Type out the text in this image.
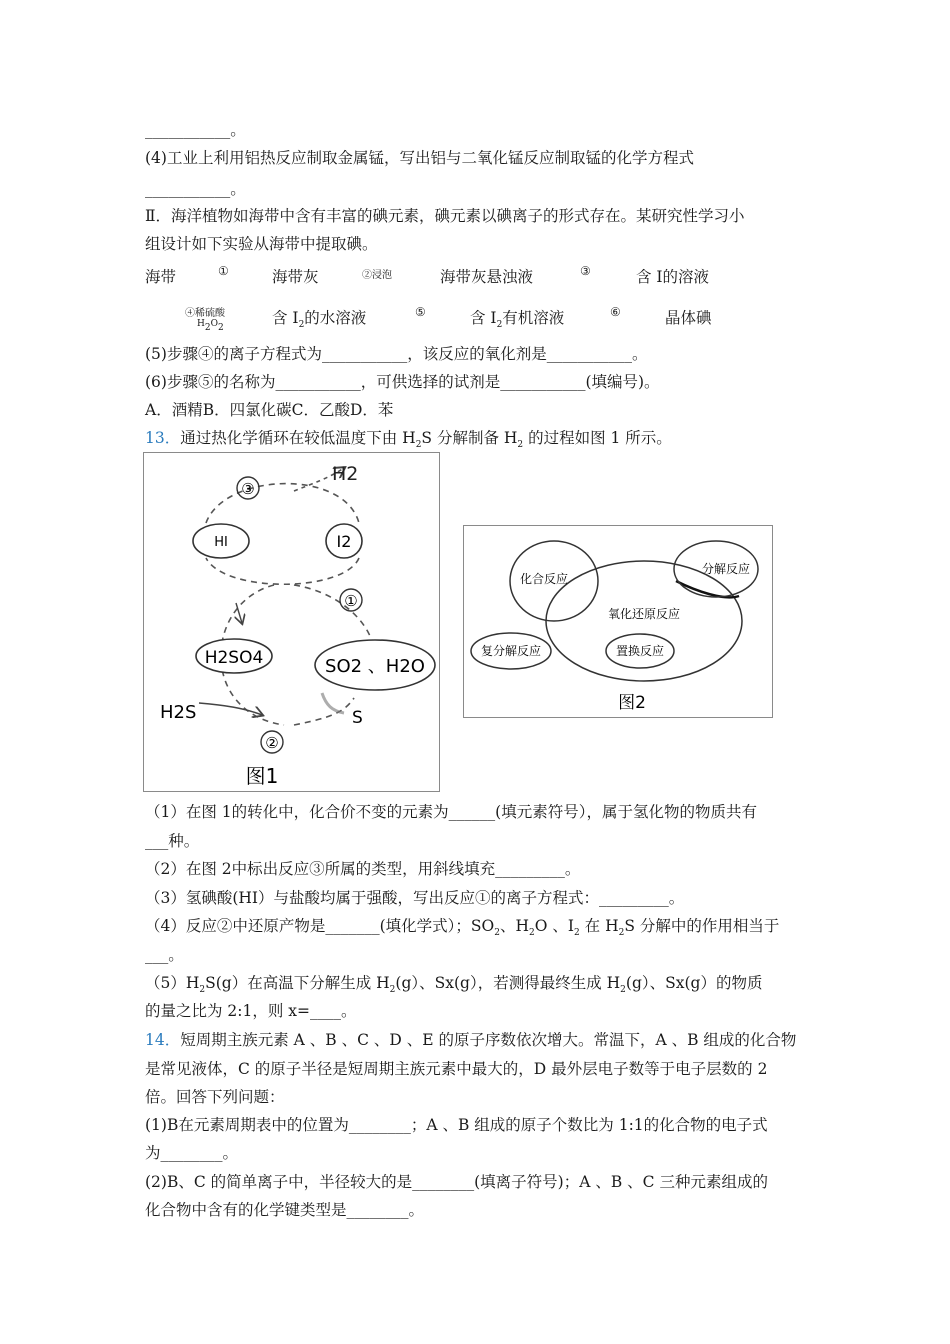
___________。
(4)工业上利用铝热反应制取金属锰，写出铝与二氧化锰反应制取锰的化学方程式
___________。
Ⅱ．海洋植物如海带中含有丰富的碘元素，碘元素以碘离子的形式存在。某研究性学习小
组设计如下实验从海带中提取碘。
海带	①	海带灰	②浸泡	海带灰悬浊液	③	含 I的溶液
④稀硫酸
H2O2
含 $I_2$的水溶液	⑤	含 $I_2$有机溶液	⑥	晶体碘
(5)步骤④的离子方程式为___________，该反应的氧化剂是___________。
(6)步骤⑤的名称为___________，可供选择的试剂是___________(填编号)。
A．酒精B．四氯化碳C．乙酸D．苯
13．通过热化学循环在较低温度下由 $H_2S$ 分解制备 $H_2$ 的过程如图 1 所示。
③
H2
HI	I2
①
H2SO4	SO2 、H2O
H2S	S
②
图1
化合反应
分解反应
氧化还原反应
置换反应
复分解反应
图2
（1）在图 1的转化中，化合价不变的元素为______(填元素符号），属于氢化物的物质共有
___种。
（2）在图 2中标出反应③所属的类型，用斜线填充_________。
（3）氢碘酸(HI）与盐酸均属于强酸，写出反应①的离子方程式：_________。
（4）反应②中还原产物是_______(填化学式）；$SO_2$、$H_2O$ 、$I_2$ 在 $H_2S$ 分解中的作用相当于
___。
$(5)H_2S(g)$在高温下分解生成 $H_2(g)$、Sx(g），若测得最终生成 $H_2(g)$、Sx(g）的物质
的量之比为 2:1，则 x=____。
14．短周期主族元素 A 、B 、C 、D 、E 的原子序数依次增大。常温下，A 、B 组成的化合物
是常见液体，C 的原子半径是短周期主族元素中最大的，D 最外层电子数等于电子层数的 2
倍。回答下列问题：
(1)B在元素周期表中的位置为________；A 、B 组成的原子个数比为 1:1的化合物的电子式
为________。
(2)B、C 的简单离子中，半径较大的是________(填离子符号)；A 、B 、C 三种元素组成的
化合物中含有的化学键类型是________。
